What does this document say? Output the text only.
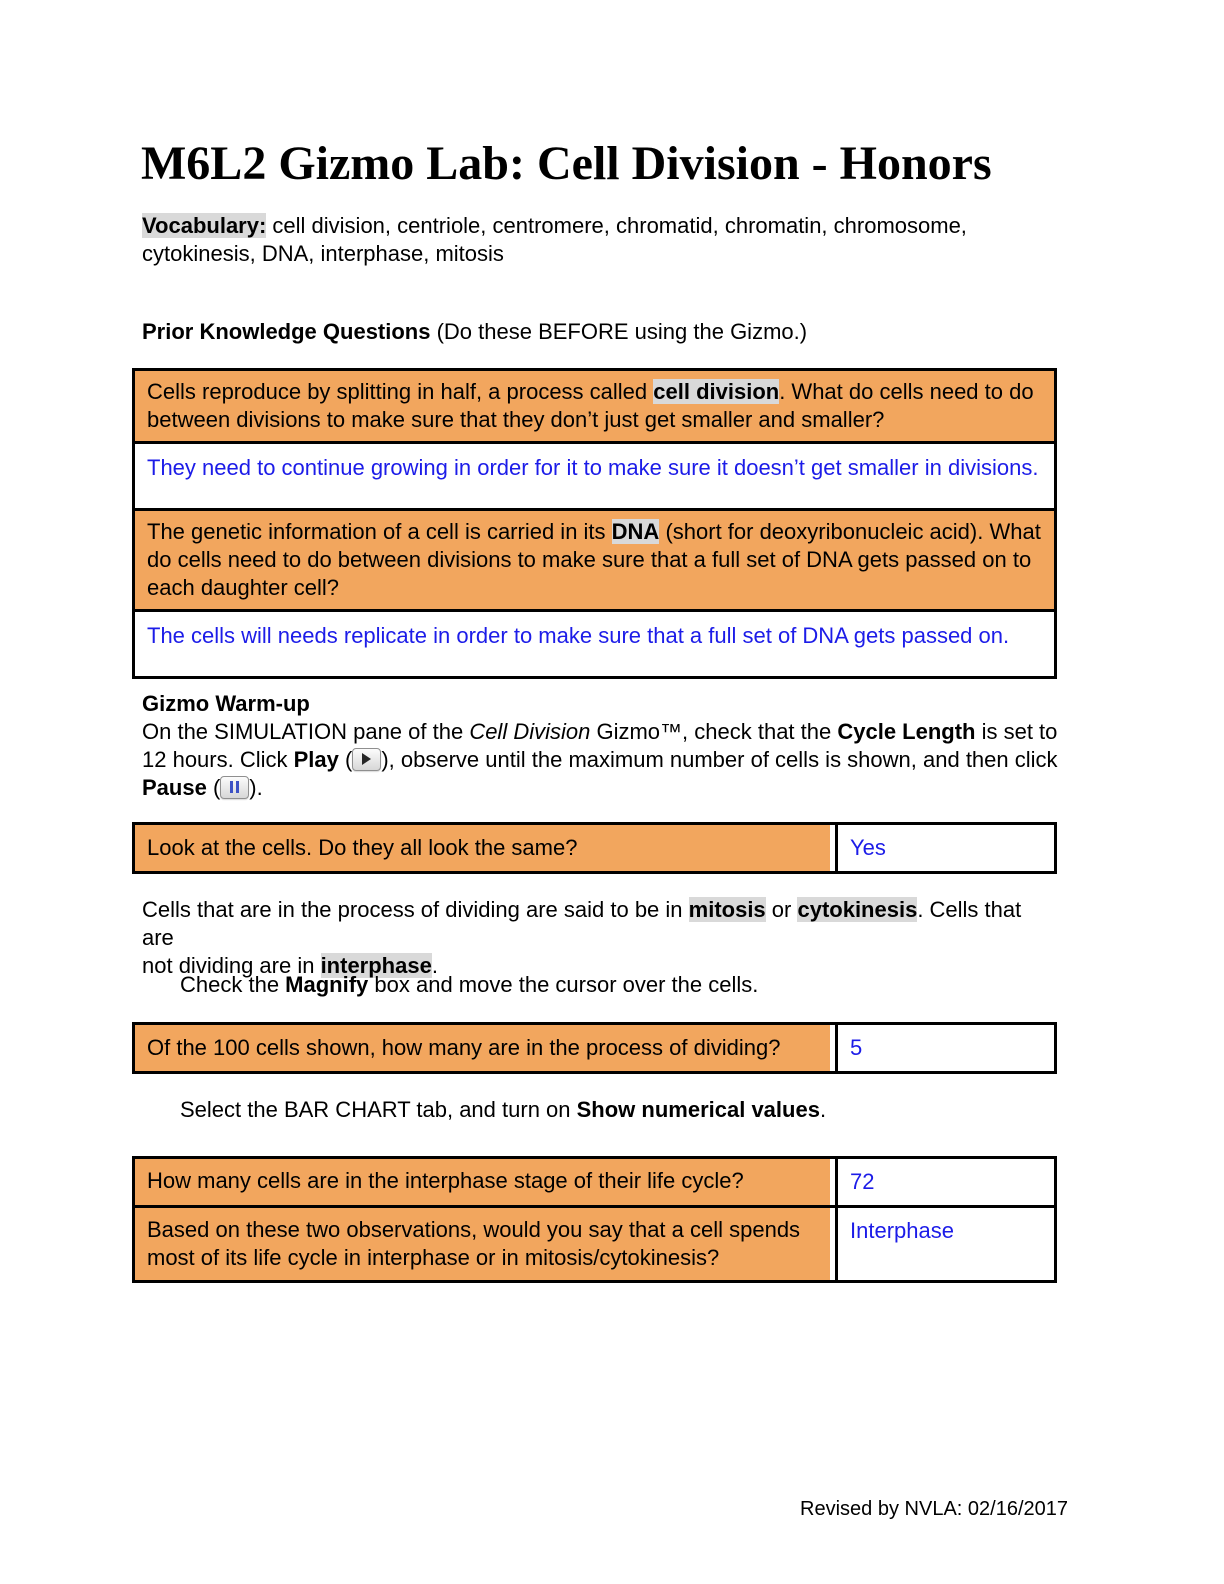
M6L2 Gizmo Lab: Cell Division - Honors

Vocabulary: cell division, centriole, centromere, chromatid, chromatin, chromosome,
cytokinesis, DNA, interphase, mitosis

Prior Knowledge Questions (Do these BEFORE using the Gizmo.)

Cells reproduce by splitting in half, a process called cell division. What do cells need to do between divisions to make sure that they don’t just get smaller and smaller?
They need to continue growing in order for it to make sure it doesn’t get smaller in divisions.
The genetic information of a cell is carried in its DNA (short for deoxyribonucleic acid). What do cells need to do between divisions to make sure that a full set of DNA gets passed on to each daughter cell?
The cells will needs replicate in order to make sure that a full set of DNA gets passed on.

Gizmo Warm-up

On the SIMULATION pane of the Cell Division Gizmo™, check that the Cycle Length is set to
12 hours. Click Play ( ), observe until the maximum number of cells is shown, and then click
Pause ( ).

Look at the cells. Do they all look the same?	Yes

Cells that are in the process of dividing are said to be in mitosis or cytokinesis. Cells that are
not dividing are in interphase.

Check the Magnify box and move the cursor over the cells.

Of the 100 cells shown, how many are in the process of dividing?	5

Select the BAR CHART tab, and turn on Show numerical values.

How many cells are in the interphase stage of their life cycle?	72
Based on these two observations, would you say that a cell spends most of its life cycle in interphase or in mitosis/cytokinesis?	Interphase

Revised by NVLA: 02/16/2017
